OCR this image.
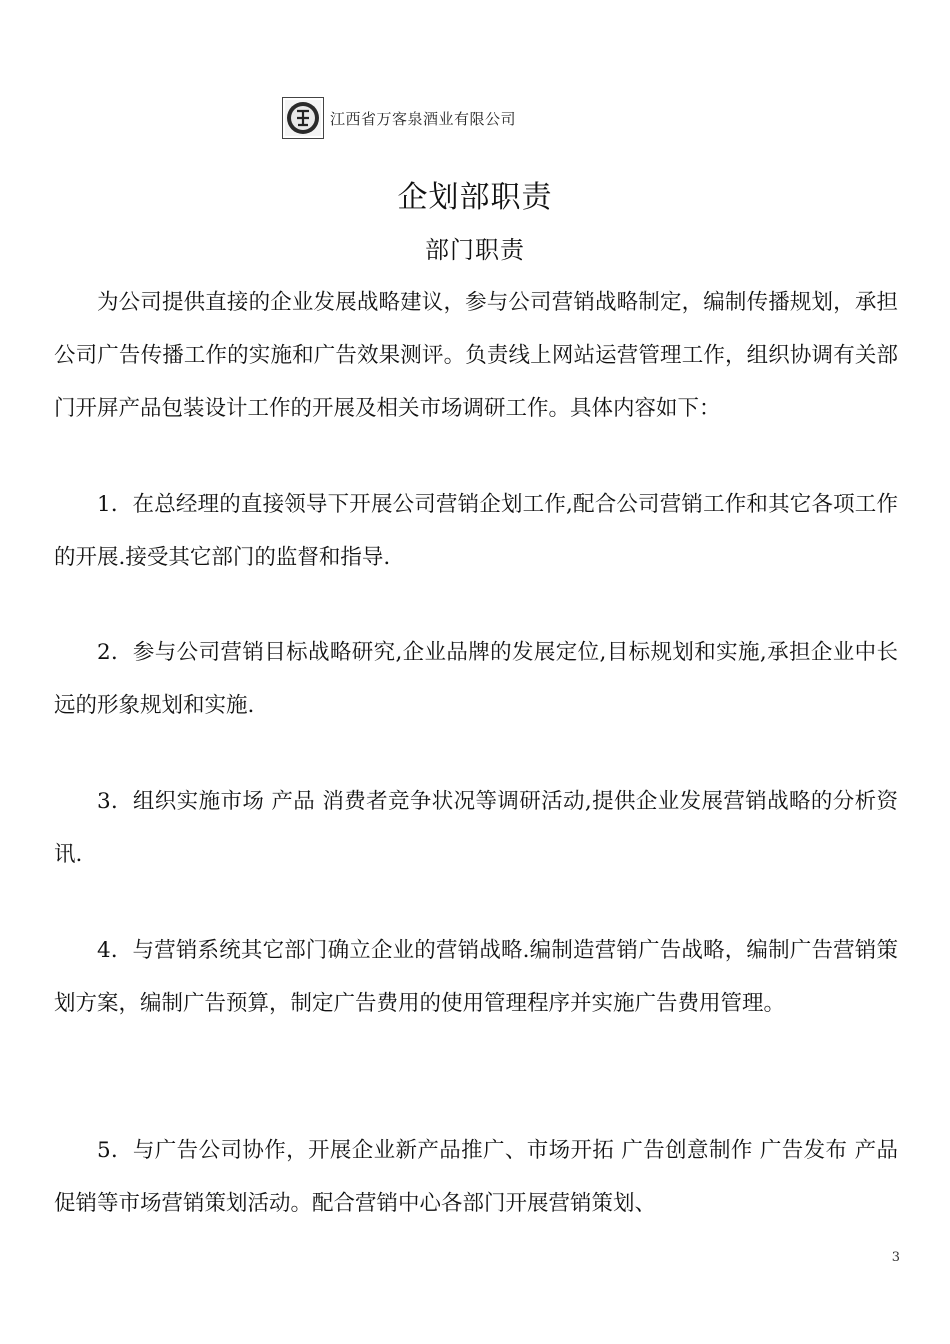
江西省万客泉酒业有限公司
企划部职责
部门职责

为公司提供直接的企业发展战略建议，参与公司营销战略制定，编制传播规划，承担公司广告传播工作的实施和广告效果测评。负责线上网站运营管理工作，组织协调有关部门开屏产品包装设计工作的开展及相关市场调研工作。具体内容如下：

1．在总经理的直接领导下开展公司营销企划工作,配合公司营销工作和其它各项工作的开展.接受其它部门的监督和指导.

2．参与公司营销目标战略研究,企业品牌的发展定位,目标规划和实施,承担企业中长远的形象规划和实施.

3．组织实施市场 产品 消费者竞争状况等调研活动,提供企业发展营销战略的分析资讯.

4．与营销系统其它部门确立企业的营销战略.编制造营销广告战略，编制广告营销策划方案，编制广告预算，制定广告费用的使用管理程序并实施广告费用管理。

5．与广告公司协作，开展企业新产品推广、市场开拓 广告创意制作 广告发布 产品促销等市场营销策划活动。配合营销中心各部门开展营销策划、

3
